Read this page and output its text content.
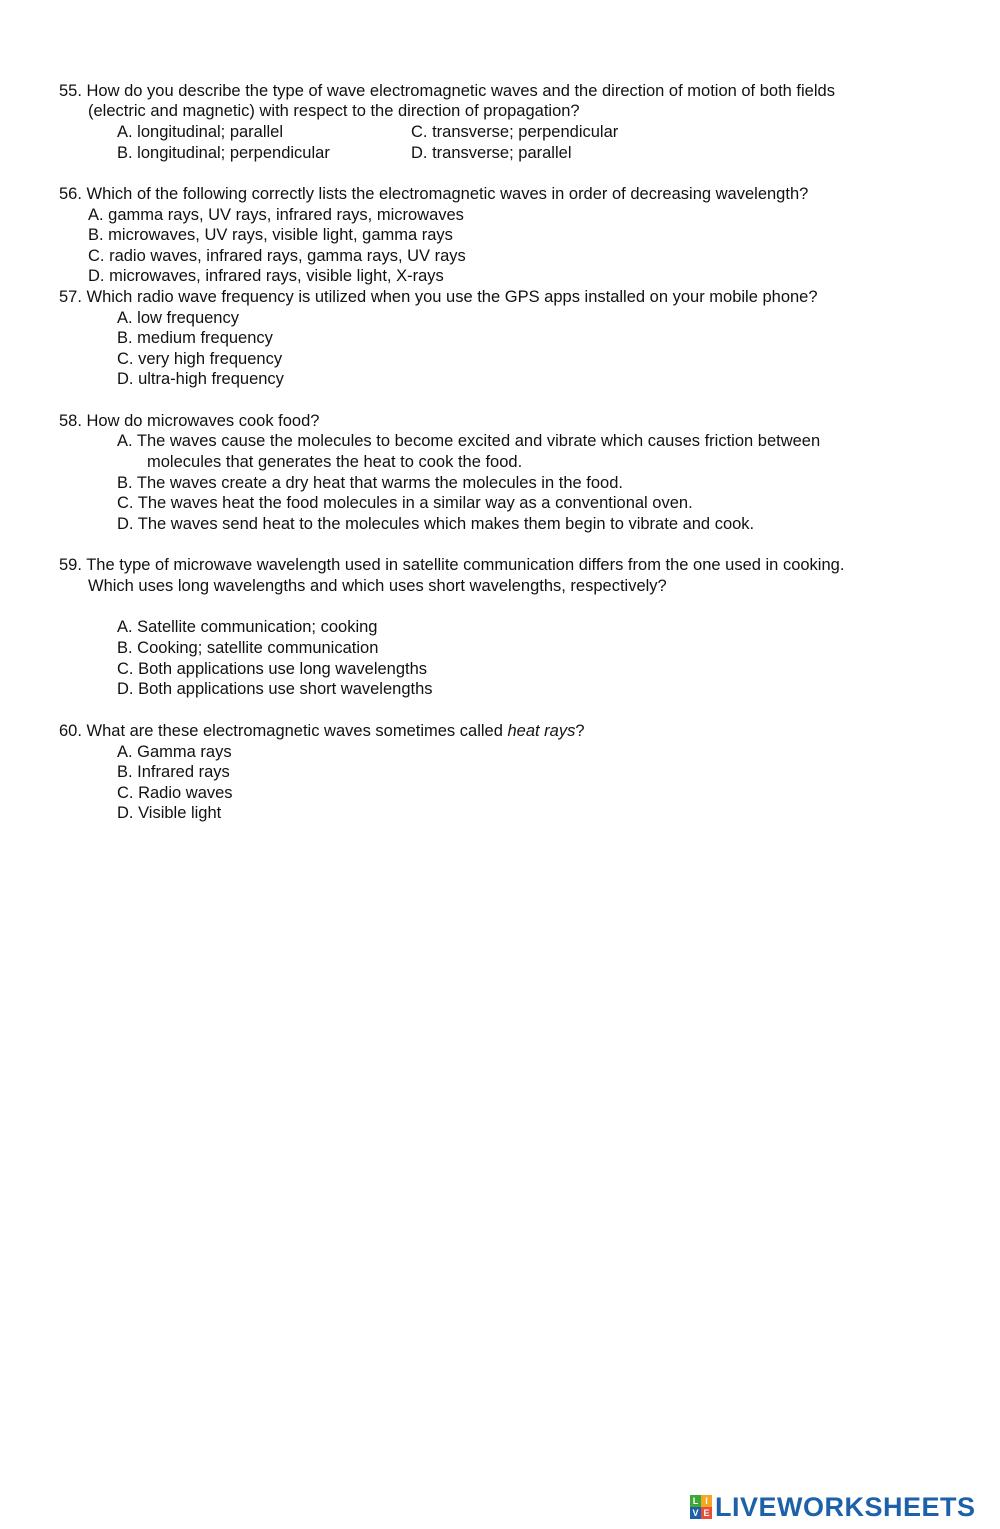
55. How do you describe the type of wave electromagnetic waves and the direction of motion of both fields
(electric and magnetic) with respect to the direction of propagation?
A. longitudinal; parallel	C. transverse; perpendicular
B. longitudinal; perpendicular	D. transverse; parallel
56. Which of the following correctly lists the electromagnetic waves in order of decreasing wavelength?
A. gamma rays, UV rays, infrared rays, microwaves
B. microwaves, UV rays, visible light, gamma rays
C. radio waves, infrared rays, gamma rays, UV rays
D. microwaves, infrared rays, visible light, X-rays
57. Which radio wave frequency is utilized when you use the GPS apps installed on your mobile phone?
A. low frequency
B. medium frequency
C. very high frequency
D. ultra-high frequency
58. How do microwaves cook food?
A. The waves cause the molecules to become excited and vibrate which causes friction between
molecules that generates the heat to cook the food.
B. The waves create a dry heat that warms the molecules in the food.
C. The waves heat the food molecules in a similar way as a conventional oven.
D. The waves send heat to the molecules which makes them begin to vibrate and cook.
59. The type of microwave wavelength used in satellite communication differs from the one used in cooking.
Which uses long wavelengths and which uses short wavelengths, respectively?
A. Satellite communication; cooking
B. Cooking; satellite communication
C. Both applications use long wavelengths
D. Both applications use short wavelengths
60. What are these electromagnetic waves sometimes called heat rays?
A. Gamma rays
B. Infrared rays
C. Radio waves
D. Visible light
L I
V E LIVEWORKSHEETS
